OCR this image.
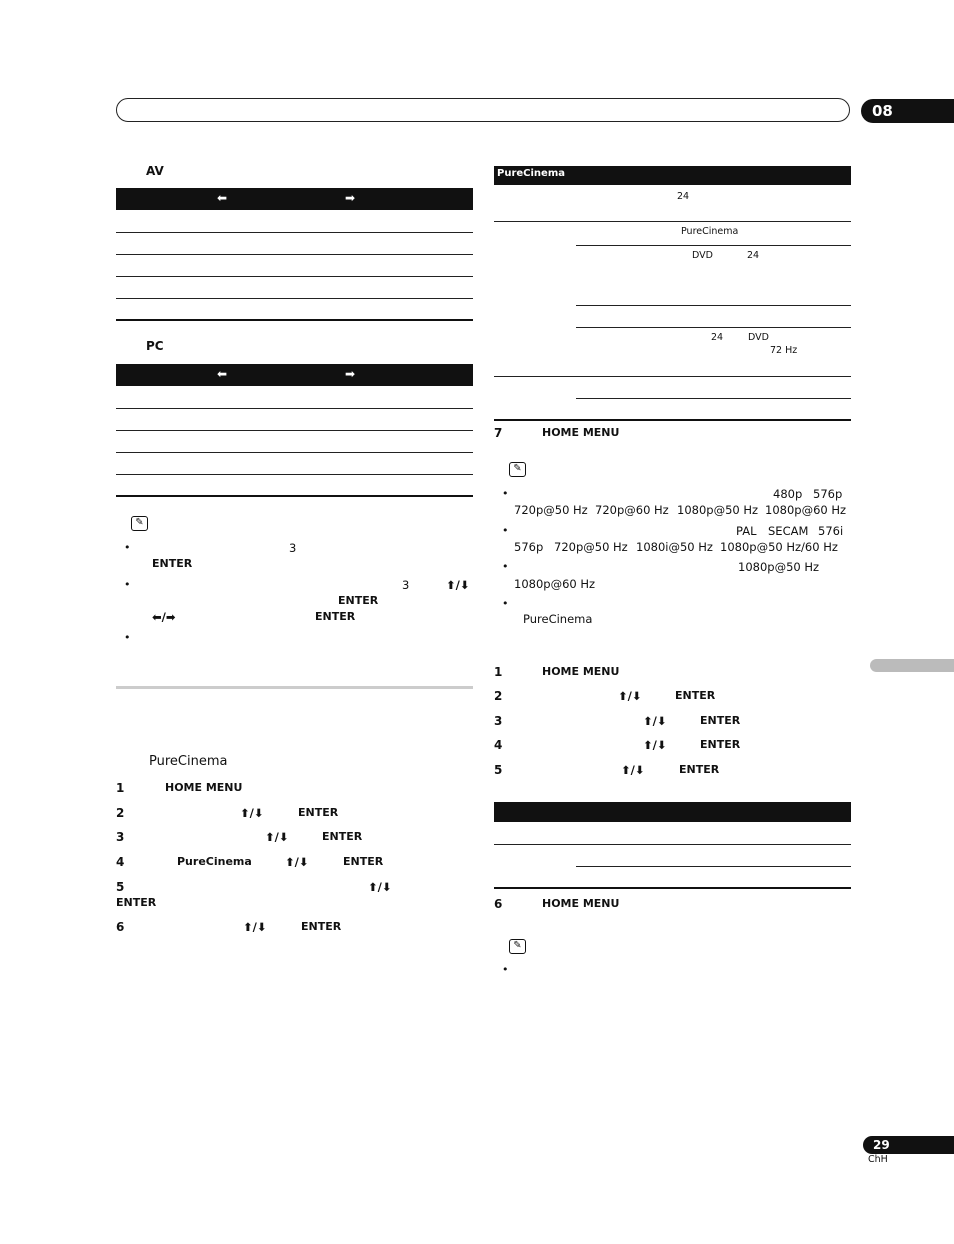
08
AV
⬅	➡
PC
⬅	➡
✎
•	3
ENTER
•	3	⬆/⬇
ENTER
⬅/➡	ENTER
•
PureCinema
1	HOME MENU
2	⬆/⬇	ENTER
3	⬆/⬇	ENTER
4	PureCinema	⬆/⬇	ENTER
5	⬆/⬇
ENTER
6	⬆/⬇	ENTER
PureCinema
24
PureCinema
DVD	24
24	DVD
72 Hz
7	HOME MENU
✎
•	480p 576p
720p@50 Hz 720p@60 Hz 1080p@50 Hz 1080p@60 Hz
•	PAL SECAM 576i
576p 720p@50 Hz 1080i@50 Hz 1080p@50 Hz/60 Hz
•	1080p@50 Hz
1080p@60 Hz
•
PureCinema
1	HOME MENU
2	⬆/⬇	ENTER
3	⬆/⬇	ENTER
4	⬆/⬇	ENTER
5	⬆/⬇	ENTER
6	HOME MENU
✎
•
29
ChH
